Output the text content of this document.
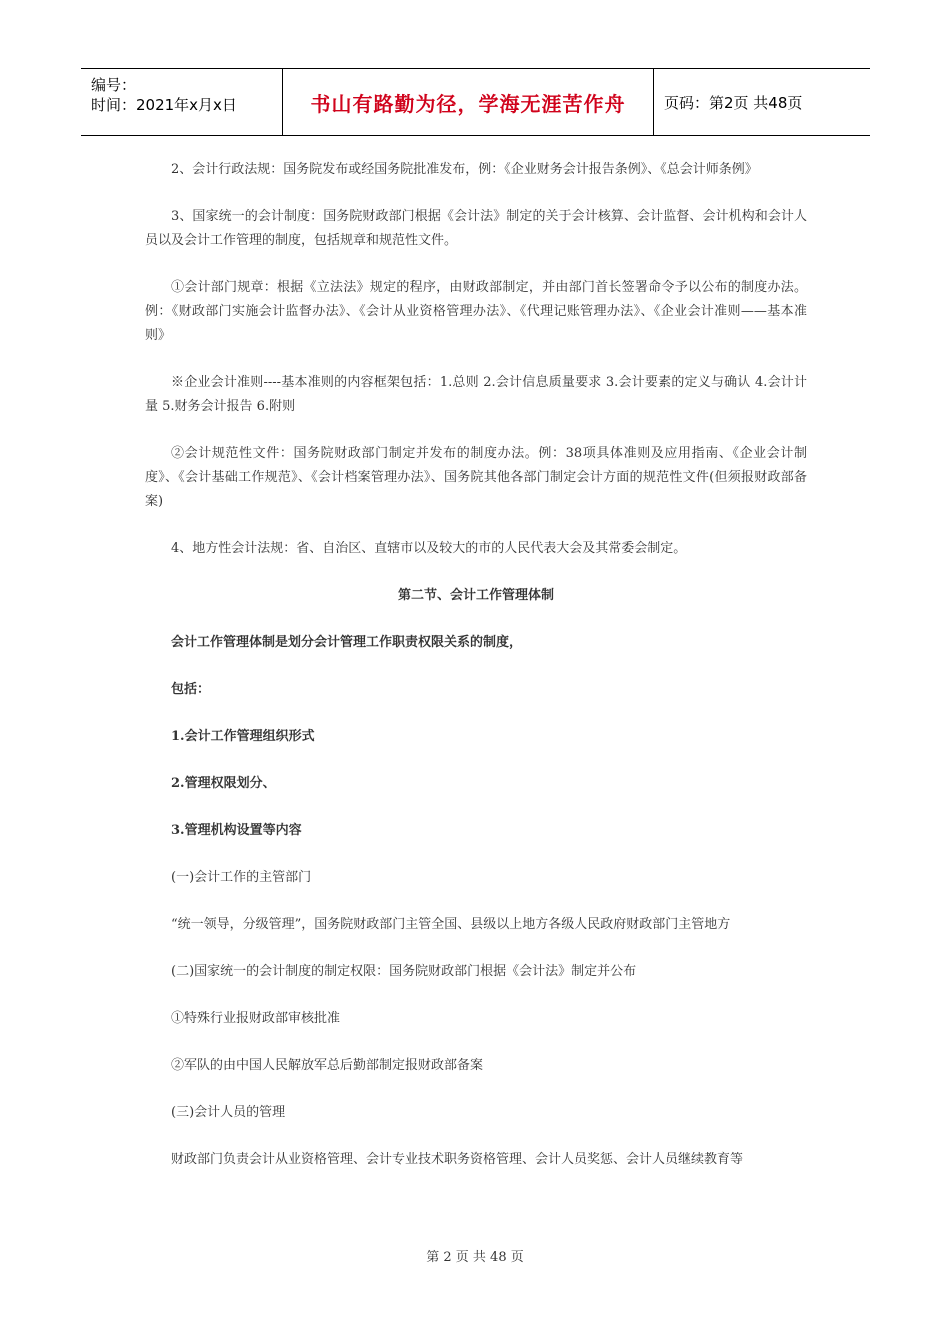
编号：
时间：2021年x月x日	书山有路勤为径，学海无涯苦作舟	页码：第2页 共48页

2、会计行政法规：国务院发布或经国务院批准发布，例：《企业财务会计报告条例》、《总会计师条例》

3、国家统一的会计制度：国务院财政部门根据《会计法》制定的关于会计核算、会计监督、会计机构和会计人员以及会计工作管理的制度，包括规章和规范性文件。

①会计部门规章：根据《立法法》规定的程序，由财政部制定，并由部门首长签署命令予以公布的制度办法。例：《财政部门实施会计监督办法》、《会计从业资格管理办法》、《代理记账管理办法》、《企业会计准则——基本准则》

※企业会计准则----基本准则的内容框架包括：1.总则 2.会计信息质量要求 3.会计要素的定义与确认 4.会计计量 5.财务会计报告 6.附则

②会计规范性文件：国务院财政部门制定并发布的制度办法。例：38项具体准则及应用指南、《企业会计制度》、《会计基础工作规范》、《会计档案管理办法》、国务院其他各部门制定会计方面的规范性文件(但须报财政部备案)

4、地方性会计法规：省、自治区、直辖市以及较大的市的人民代表大会及其常委会制定。

第二节、会计工作管理体制

会计工作管理体制是划分会计管理工作职责权限关系的制度，

包括：

1.会计工作管理组织形式

2.管理权限划分、

3.管理机构设置等内容

(一)会计工作的主管部门

“统一领导，分级管理”，国务院财政部门主管全国、县级以上地方各级人民政府财政部门主管地方

(二)国家统一的会计制度的制定权限：国务院财政部门根据《会计法》制定并公布

①特殊行业报财政部审核批准

②军队的由中国人民解放军总后勤部制定报财政部备案

(三)会计人员的管理

财政部门负责会计从业资格管理、会计专业技术职务资格管理、会计人员奖惩、会计人员继续教育等

第 2 页 共 48 页
